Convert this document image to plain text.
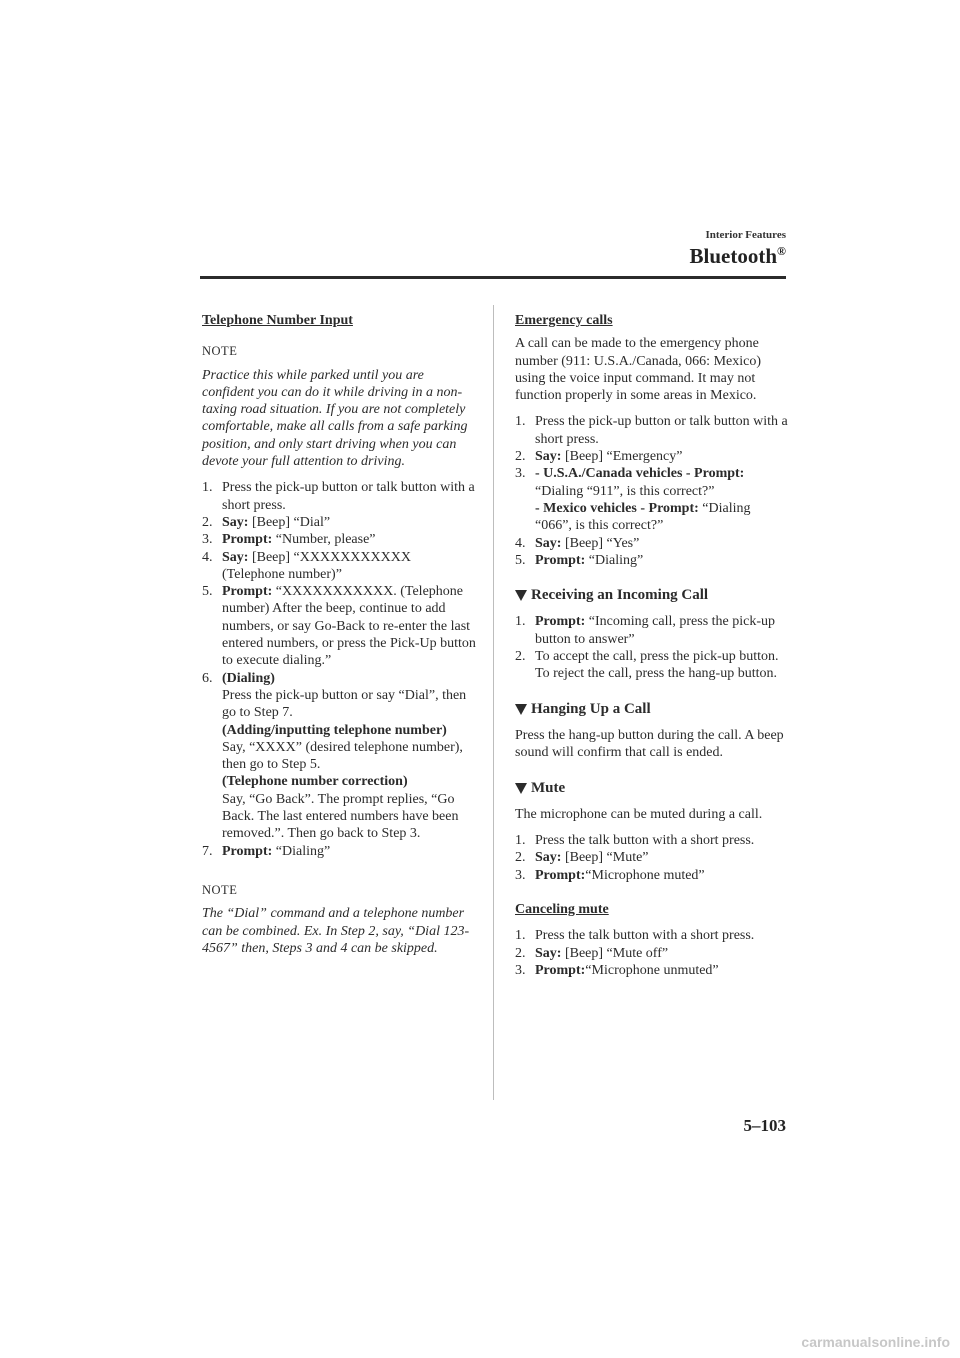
Interior Features
Bluetooth®

Telephone Number Input

NOTE

Practice this while parked until you are confident you can do it while driving in a non-taxing road situation. If you are not completely comfortable, make all calls from a safe parking position, and only start driving when you can devote your full attention to driving.

1. Press the pick-up button or talk button with a short press.
2. Say: [Beep] “Dial”
3. Prompt: “Number, please”
4. Say: [Beep] “XXXXXXXXXXX (Telephone number)”
5. Prompt: “XXXXXXXXXXX. (Telephone number) After the beep, continue to add numbers, or say Go-Back to re-enter the last entered numbers, or press the Pick-Up button to execute dialing.”
6. (Dialing)
Press the pick-up button or say “Dial”, then go to Step 7.
(Adding/inputting telephone number)
Say, “XXXX” (desired telephone number), then go to Step 5.
(Telephone number correction)
Say, “Go Back”. The prompt replies, “Go Back. The last entered numbers have been removed.”. Then go back to Step 3.
7. Prompt: “Dialing”

NOTE

The “Dial” command and a telephone number can be combined. Ex. In Step 2, say, “Dial 123-4567” then, Steps 3 and 4 can be skipped.

Emergency calls

A call can be made to the emergency phone number (911: U.S.A./Canada, 066: Mexico) using the voice input command. It may not function properly in some areas in Mexico.

1. Press the pick-up button or talk button with a short press.
2. Say: [Beep] “Emergency”
3. - U.S.A./Canada vehicles - Prompt:
“Dialing “911”, is this correct?”
- Mexico vehicles - Prompt: “Dialing “066”, is this correct?”
4. Say: [Beep] “Yes”
5. Prompt: “Dialing”
Receiving an Incoming Call
1. Prompt: “Incoming call, press the pick-up button to answer”
2. To accept the call, press the pick-up button.
To reject the call, press the hang-up button.
Hanging Up a Call

Press the hang-up button during the call. A beep sound will confirm that call is ended.

Mute

The microphone can be muted during a call.

1. Press the talk button with a short press.
2. Say: [Beep] “Mute”
3. Prompt:“Microphone muted”

Canceling mute

1. Press the talk button with a short press.
2. Say: [Beep] “Mute off”
3. Prompt:“Microphone unmuted”
5–103
carmanualsonline.info
